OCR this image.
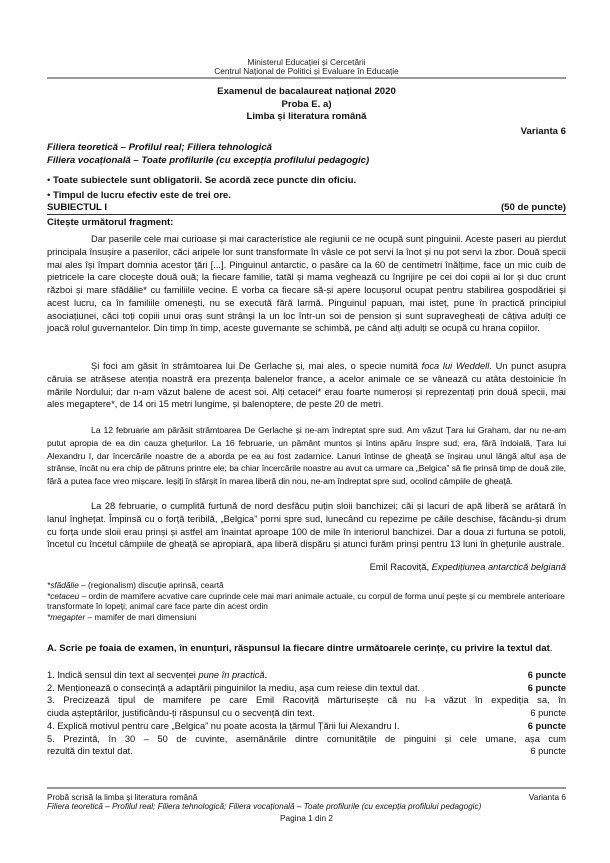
Ministerul Educației și Cercetării
Centrul Național de Politici și Evaluare în Educație
Examenul de bacalaureat național 2020
Proba E. a)
Limba și literatura română
Varianta 6
Filiera teoretică – Profilul real; Filiera tehnologică
Filiera vocațională – Toate profilurile (cu excepția profilului pedagogic)
• Toate subiectele sunt obligatorii. Se acordă zece puncte din oficiu.
• Timpul de lucru efectiv este de trei ore.
SUBIECTUL I	(50 de puncte)
Citește următorul fragment:

Dar paserile cele mai curioase și mai caracteristice ale regiunii ce ne ocupă sunt pinguinii. Aceste paseri au pierdut principala însușire a paserilor, căci aripele lor sunt transformate în vâsle ce pot servi la înot și nu pot servi la zbor. Două specii mai ales își împart domnia acestor țări [...]. Pinguinul antarctic, o pasăre ca la 60 de centimetri înălțime, face un mic cuib de pietricele la care clocește două ouă; la fiecare familie, tatăl și mama veghează cu îngrijire pe cei doi copii ai lor și duc crunt război și mare sfădălie* cu familiile vecine. E vorba ca fiecare să-și apere locușorul ocupat pentru stabilirea gospodăriei și acest lucru, ca în familiile omenești, nu se execută fără larmă. Pinguinul papuan, mai isteț, pune în practică principiul asociațiunei, căci toți copiii unui oraș sunt strânși la un loc într-un soi de pension și sunt supravegheați de câțiva adulți ce joacă rolul guvernantelor. Din timp în timp, aceste guvernante se schimbă, pe când alți adulți se ocupă cu hrana copiilor.

Și foci am găsit în strâmtoarea lui De Gerlache și, mai ales, o specie numită foca lui Weddell. Un punct asupra căruia se atrăsese atenția noastră era prezența balenelor france, a acelor animale ce se vânează cu atâta destoinicie în mările Nordului; dar n-am văzut balene de acest soi. Alți cetacei* erau foarte numeroși și reprezentați prin două specii, mai ales megaptere*, de 14 ori 15 metri lungime, și balenoptere, de peste 20 de metri.

La 12 februarie am părăsit strâmtoarea De Gerlache și ne-am îndreptat spre sud. Am văzut Țara lui Graham, dar nu ne-am putut apropia de ea din cauza ghețurilor. La 16 februarie, un pământ muntos și întins apăru înspre sud; era, fără îndoială, Țara lui Alexandru I, dar încercările noastre de a aborda pe ea au fost zadarnice. Lanuri întinse de gheață se înșirau unul lângă altul așa de strânse, încât nu era chip de pătruns printre ele; ba chiar încercările noastre au avut ca urmare ca „Belgica” să fie prinsă timp de două zile, fără a putea face vreo mișcare. Ieșiți în sfârșit în marea liberă din nou, ne-am îndreptat spre sud, ocolind câmpiile de gheață.

La 28 februarie, o cumplită furtună de nord desfăcu puțin sloii banchizei; căi și lacuri de apă liberă se arătară în lanul înghețat. Împinsă cu o forță teribilă, „Belgica” porni spre sud, lunecând cu repezime pe căile deschise, făcându-și drum cu forța unde sloii erau prinși și astfel am înaintat aproape 100 de mile în interiorul banchizei. Dar a doua zi furtuna se potoli, încetul cu încetul câmpiile de gheață se apropiară, apa liberă dispăru și atunci furăm prinși pentru 13 luni în ghețurile australe.

Emil Racoviță, Expedițiunea antarctică belgiană
*sfădălie – (regionalism) discuție aprinsă, ceartă
*cetaceu – ordin de mamifere acvative care cuprinde cele mai mari animale actuale, cu corpul de forma unui pește și cu membrele anterioare transformate în lopeți; animal care face parte din acest ordin
*megapter – mamifer de mari dimensiuni
A. Scrie pe foaia de examen, în enunțuri, răspunsul la fiecare dintre următoarele cerințe, cu privire la textul dat.
1. Indică sensul din text al secvenței pune în practică.	6 puncte
2. Menționează o consecință a adaptării pinguinilor la mediu, așa cum reiese din textul dat.	6 puncte
3. Precizează tipul de mamifere pe care Emil Racoviță mărturisește că nu l-a văzut în expediția sa, în
ciuda așteptărilor, justificându-ți răspunsul cu o secvență din text.	6 puncte
4. Explică motivul pentru care „Belgica” nu poate acosta la țărmul Țării lui Alexandru I.	6 puncte
5. Prezintă, în 30 – 50 de cuvinte, asemănările dintre comunitățile de pinguini și cele umane, așa cum
rezultă din textul dat.	6 puncte
Probă scrisă la limba și literatura română	Varianta 6
Filiera teoretică – Profilul real; Filiera tehnologică; Filiera vocațională – Toate profilurile (cu excepția profilului pedagogic)
Pagina 1 din 2
